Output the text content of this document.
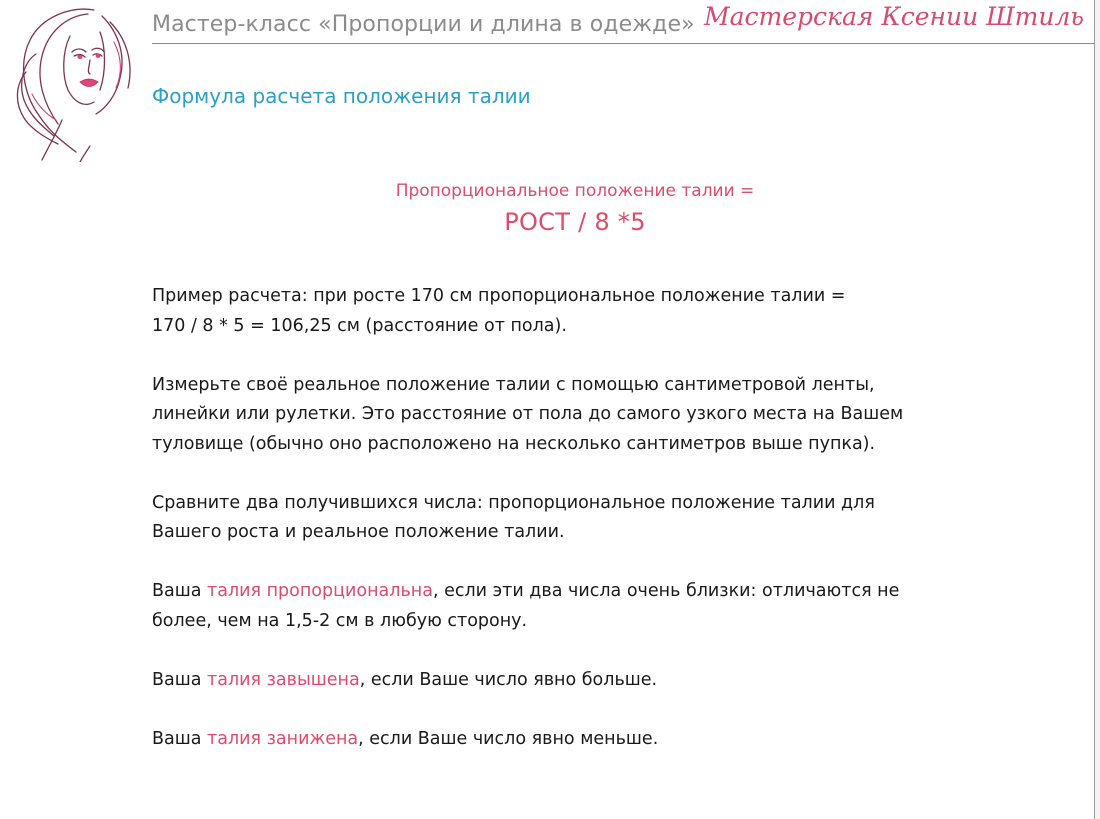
Мастер-класс «Пропорции и длина в одежде» Мастерская Ксении Штиль
Формула расчета положения талии
Пропорциональное положение талии =
РОСТ / 8 *5

Пример расчета: при росте 170 см пропорциональное положение талии =
170 / 8 * 5 = 106,25 см (расстояние от пола).

Измерьте своё реальное положение талии с помощью сантиметровой ленты,
линейки или рулетки. Это расстояние от пола до самого узкого места на Вашем
туловище (обычно оно расположено на несколько сантиметров выше пупка).

Сравните два получившихся числа: пропорциональное положение талии для
Вашего роста и реальное положение талии.

Ваша талия пропорциональна, если эти два числа очень близки: отличаются не
более, чем на 1,5-2 см в любую сторону.

Ваша талия завышена, если Ваше число явно больше.

Ваша талия занижена, если Ваше число явно меньше.
